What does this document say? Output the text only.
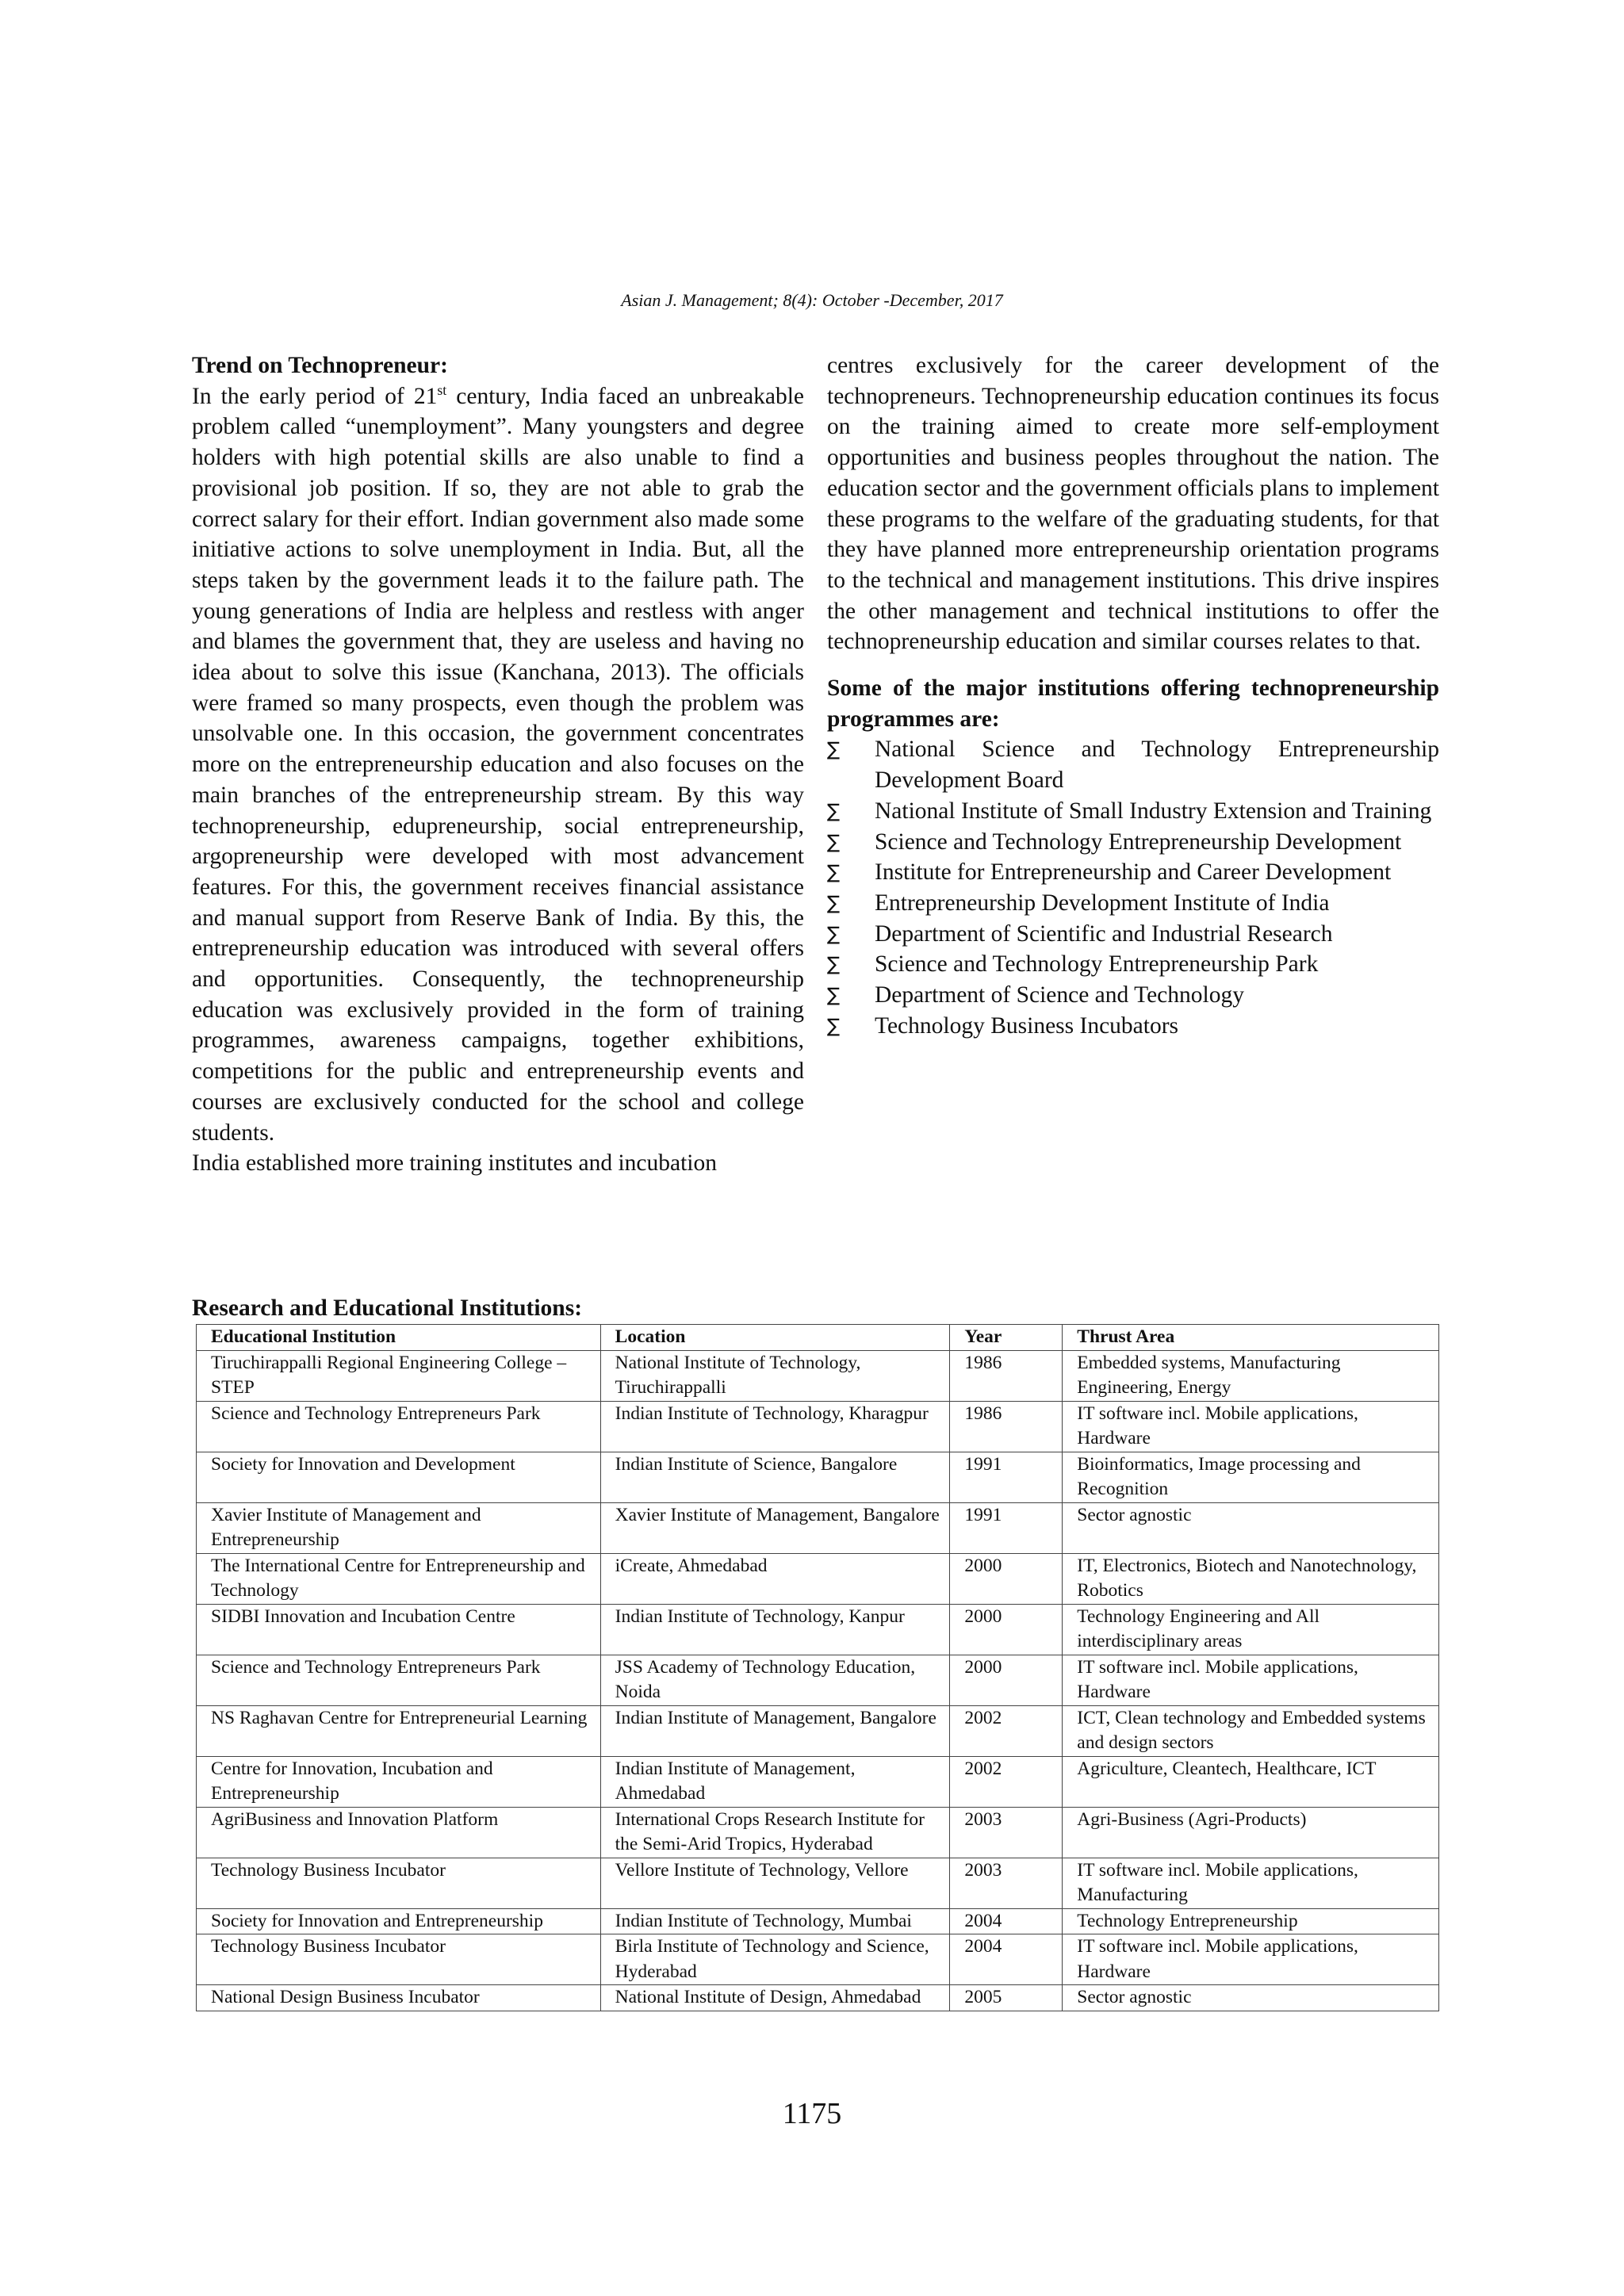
Asian J. Management; 8(4): October -December, 2017

Trend on Technopreneur:

In the early period of 21st century, India faced an unbreakable problem called “unemployment”. Many youngsters and degree holders with high potential skills are also unable to find a provisional job position. If so, they are not able to grab the correct salary for their effort. Indian government also made some initiative actions to solve unemployment in India. But, all the steps taken by the government leads it to the failure path. The young generations of India are helpless and restless with anger and blames the government that, they are useless and having no idea about to solve this issue (Kanchana, 2013). The officials were framed so many prospects, even though the problem was unsolvable one. In this occasion, the government concentrates more on the entrepreneurship education and also focuses on the main branches of the entrepreneurship stream. By this way technopreneurship, edupreneurship, social entrepreneurship, argopreneurship were developed with most advancement features. For this, the government receives financial assistance and manual support from Reserve Bank of India. By this, the entrepreneurship education was introduced with several offers and opportunities. Consequently, the technopreneurship education was exclusively provided in the form of training programmes, awareness campaigns, together exhibitions, competitions for the public and entrepreneurship events and courses are exclusively conducted for the school and college students.

India established more training institutes and incubation

centres exclusively for the career development of the technopreneurs. Technopreneurship education continues its focus on the training aimed to create more self-employment opportunities and business peoples throughout the nation. The education sector and the government officials plans to implement these programs to the welfare of the graduating students, for that they have planned more entrepreneurship orientation programs to the technical and management institutions. This drive inspires the other management and technical institutions to offer the technopreneurship education and similar courses relates to that.

Some of the major institutions offering technopreneurship programmes are:

∑ National Science and Technology Entrepreneurship Development Board
∑ National Institute of Small Industry Extension and Training
∑ Science and Technology Entrepreneurship Development
∑ Institute for Entrepreneurship and Career Development
∑ Entrepreneurship Development Institute of India
∑ Department of Scientific and Industrial Research
∑ Science and Technology Entrepreneurship Park
∑ Department of Science and Technology
∑ Technology Business Incubators
Research and Educational Institutions:
Educational Institution	Location	Year	Thrust Area
Tiruchirappalli Regional Engineering College –STEP	National Institute of Technology, Tiruchirappalli	1986	Embedded systems, Manufacturing Engineering, Energy
Science and Technology Entrepreneurs Park	Indian Institute of Technology, Kharagpur	1986	IT software incl. Mobile applications, Hardware
Society for Innovation and Development	Indian Institute of Science, Bangalore	1991	Bioinformatics, Image processing and Recognition
Xavier Institute of Management and Entrepreneurship	Xavier Institute of Management, Bangalore	1991	Sector agnostic
The International Centre for Entrepreneurship and Technology	iCreate, Ahmedabad	2000	IT, Electronics, Biotech and Nanotechnology, Robotics
SIDBI Innovation and Incubation Centre	Indian Institute of Technology, Kanpur	2000	Technology Engineering and All interdisciplinary areas
Science and Technology Entrepreneurs Park	JSS Academy of Technology Education, Noida	2000	IT software incl. Mobile applications, Hardware
NS Raghavan Centre for Entrepreneurial Learning	Indian Institute of Management, Bangalore	2002	ICT, Clean technology and Embedded systems and design sectors
Centre for Innovation, Incubation and Entrepreneurship	Indian Institute of Management, Ahmedabad	2002	Agriculture, Cleantech, Healthcare, ICT
AgriBusiness and Innovation Platform	International Crops Research Institute for the Semi-Arid Tropics, Hyderabad	2003	Agri-Business (Agri-Products)
Technology Business Incubator	Vellore Institute of Technology, Vellore	2003	IT software incl. Mobile applications, Manufacturing
Society for Innovation and Entrepreneurship	Indian Institute of Technology, Mumbai	2004	Technology Entrepreneurship
Technology Business Incubator	Birla Institute of Technology and Science, Hyderabad	2004	IT software incl. Mobile applications, Hardware
National Design Business Incubator	National Institute of Design, Ahmedabad	2005	Sector agnostic
1175
